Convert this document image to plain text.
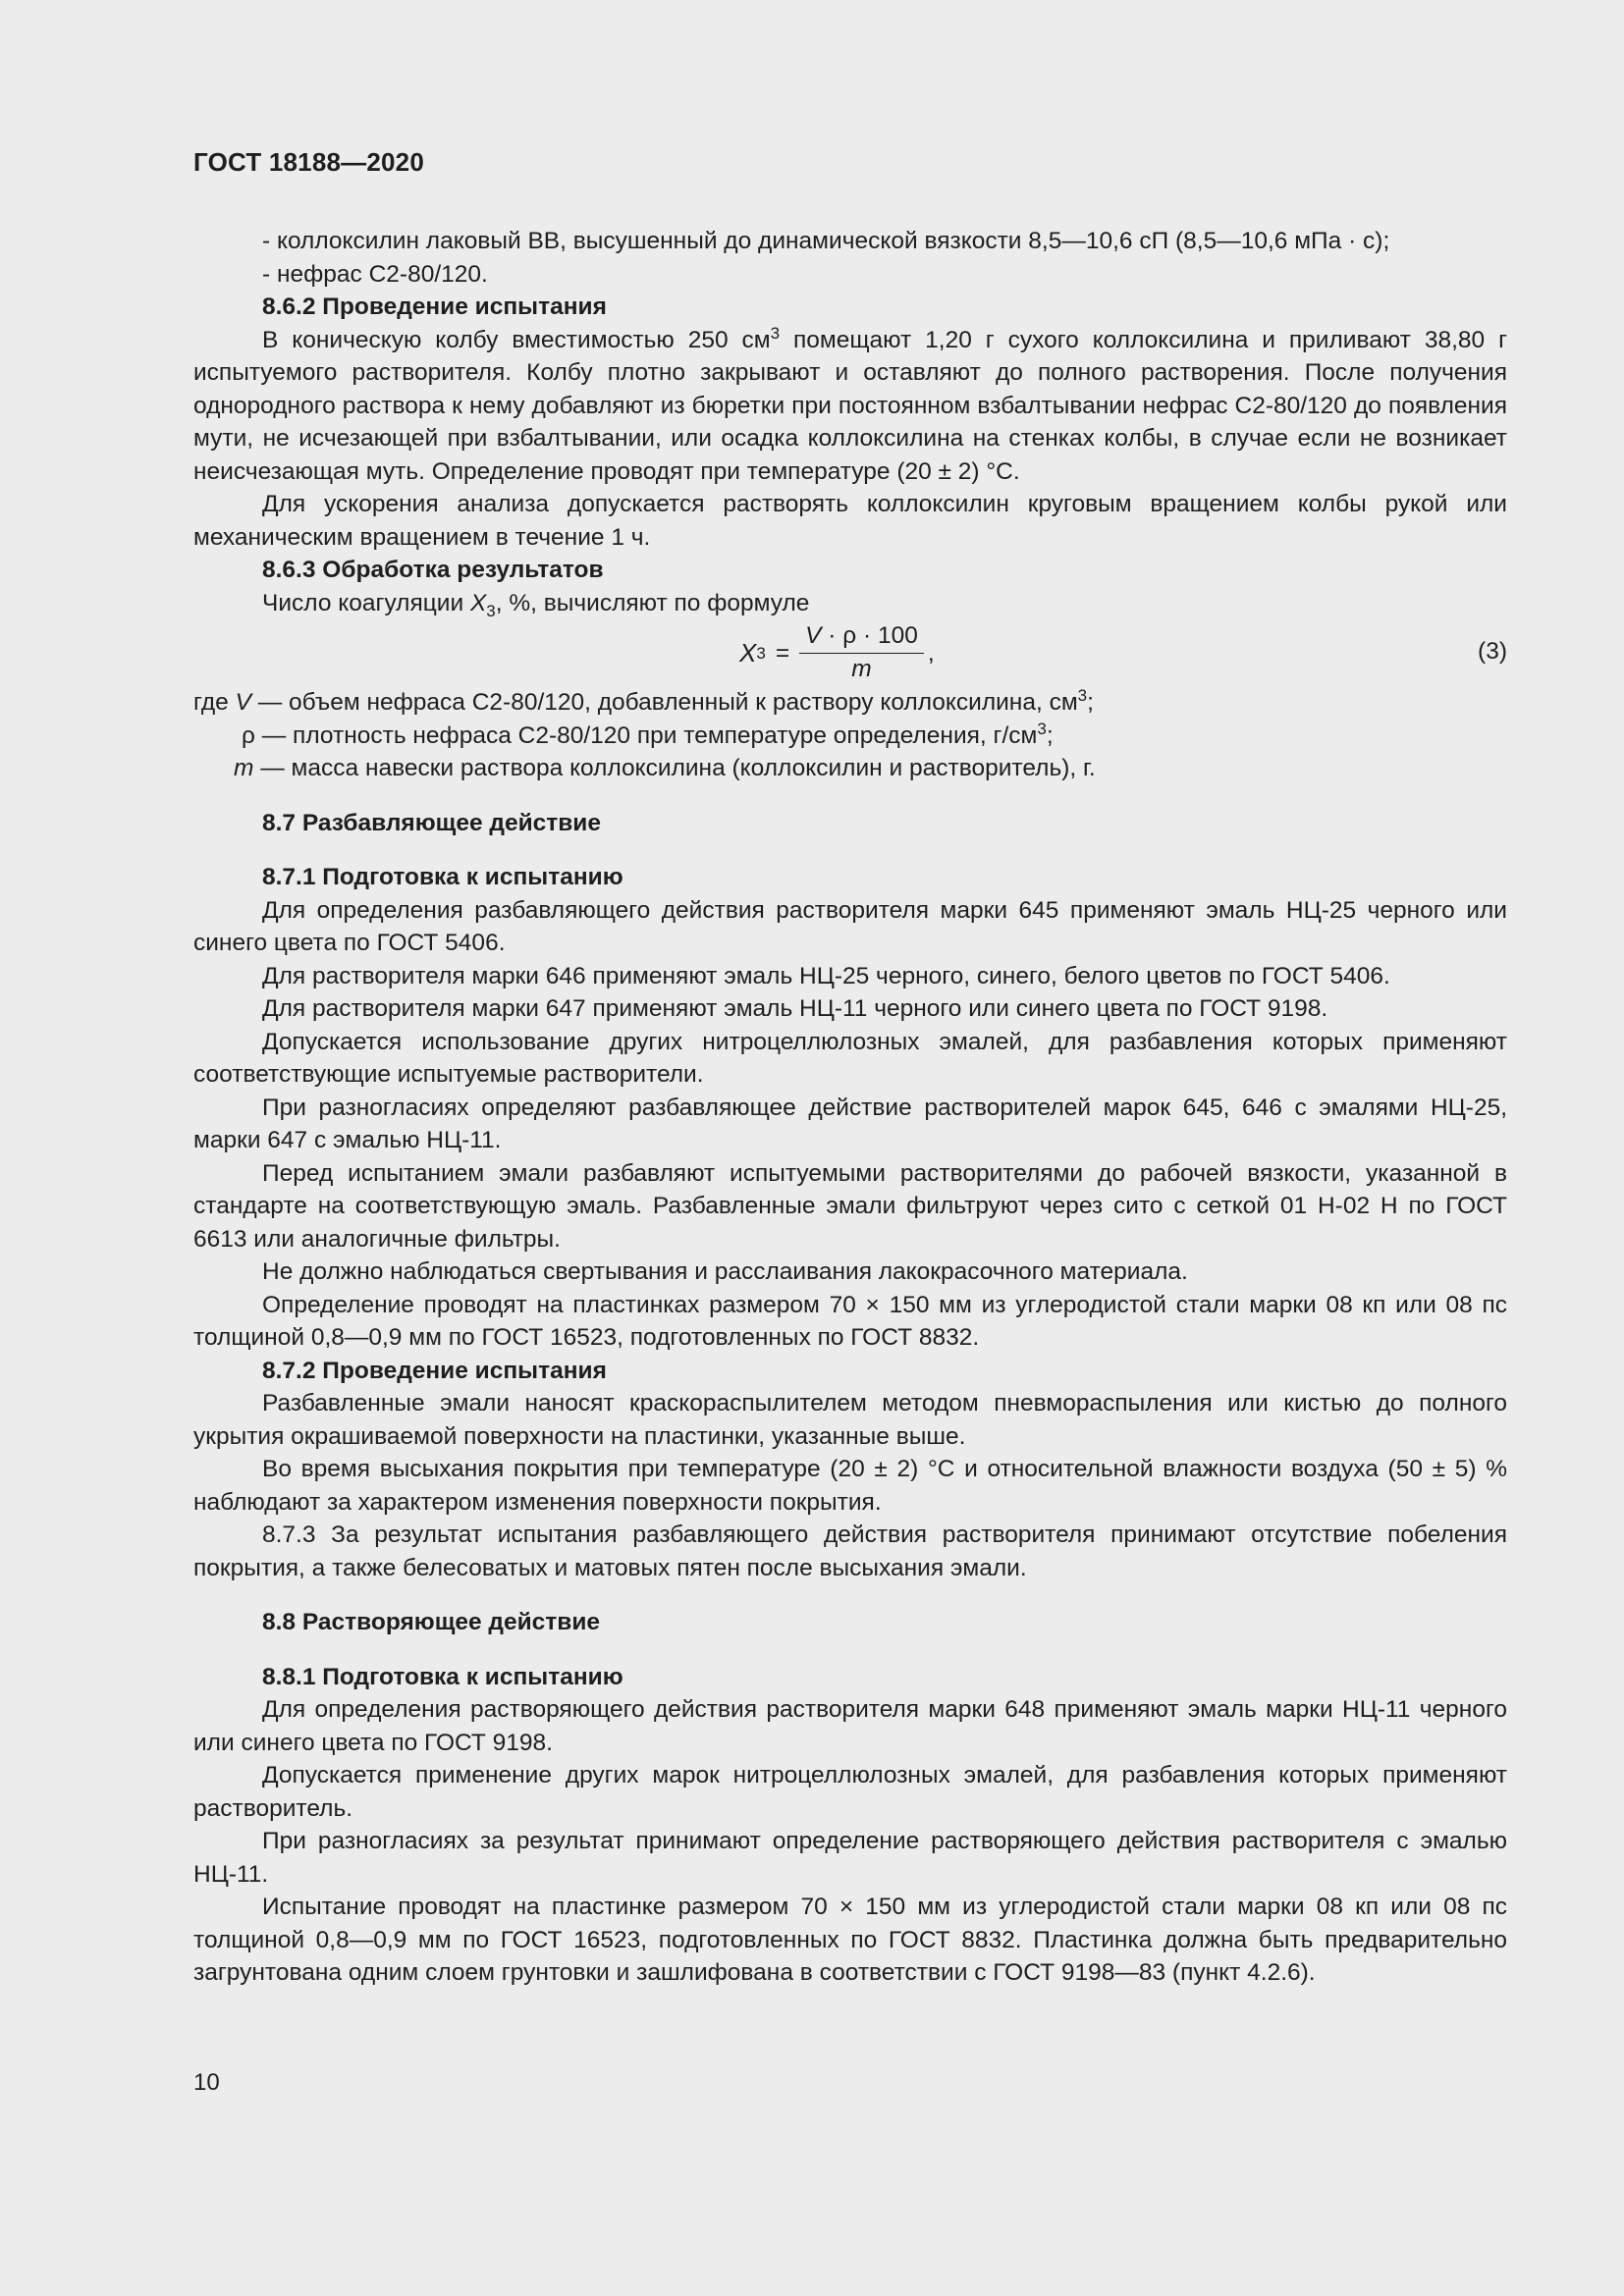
ГОСТ 18188—2020

- коллоксилин лаковый ВВ, высушенный до динамической вязкости 8,5—10,6 сП (8,5—10,6 мПа · с);

- нефрас С2-80/120.

8.6.2 Проведение испытания

В коническую колбу вместимостью 250 $см^3$ помещают 1,20 г сухого коллоксилина и приливают 38,80 г испытуемого растворителя. Колбу плотно закрывают и оставляют до полного растворения. После получения однородного раствора к нему добавляют из бюретки при постоянном взбалтывании нефрас С2-80/120 до появления мути, не исчезающей при взбалтывании, или осадка коллоксилина на стенках колбы, в случае если не возникает неисчезающая муть. Определение проводят при температуре (20 ± 2) °С.

Для ускорения анализа допускается растворять коллоксилин круговым вращением колбы рукой или механическим вращением в течение 1 ч.

8.6.3 Обработка результатов

Число коагуляции $X_3$, %, вычисляют по формуле

X $3 = \frac{V \cdot \rho \cdot 100}{m}$ ,	(3)

где V — объем нефраса С2-80/120, добавленный к раствору коллоксилина, $см^3$;

ρ — плотность нефраса С2-80/120 при температуре определения, $г/см^3$;

m — масса навески раствора коллоксилина (коллоксилин и растворитель), г.

8.7 Разбавляющее действие

8.7.1 Подготовка к испытанию

Для определения разбавляющего действия растворителя марки 645 применяют эмаль НЦ-25 черного или синего цвета по ГОСТ 5406.

Для растворителя марки 646 применяют эмаль НЦ-25 черного, синего, белого цветов по ГОСТ 5406.

Для растворителя марки 647 применяют эмаль НЦ-11 черного или синего цвета по ГОСТ 9198.

Допускается использование других нитроцеллюлозных эмалей, для разбавления которых применяют соответствующие испытуемые растворители.

При разногласиях определяют разбавляющее действие растворителей марок 645, 646 с эмалями НЦ-25, марки 647 с эмалью НЦ-11.

Перед испытанием эмали разбавляют испытуемыми растворителями до рабочей вязкости, указанной в стандарте на соответствующую эмаль. Разбавленные эмали фильтруют через сито с сеткой 01 Н-02 Н по ГОСТ 6613 или аналогичные фильтры.

Не должно наблюдаться свертывания и расслаивания лакокрасочного материала.

Определение проводят на пластинках размером 70 × 150 мм из углеродистой стали марки 08 кп или 08 пс толщиной 0,8—0,9 мм по ГОСТ 16523, подготовленных по ГОСТ 8832.

8.7.2 Проведение испытания

Разбавленные эмали наносят краскораспылителем методом пневмораспыления или кистью до полного укрытия окрашиваемой поверхности на пластинки, указанные выше.

Во время высыхания покрытия при температуре (20 ± 2) °С и относительной влажности воздуха (50 ± 5) % наблюдают за характером изменения поверхности покрытия.

8.7.3 За результат испытания разбавляющего действия растворителя принимают отсутствие побеления покрытия, а также белесоватых и матовых пятен после высыхания эмали.

8.8 Растворяющее действие

8.8.1 Подготовка к испытанию

Для определения растворяющего действия растворителя марки 648 применяют эмаль марки НЦ-11 черного или синего цвета по ГОСТ 9198.

Допускается применение других марок нитроцеллюлозных эмалей, для разбавления которых применяют растворитель.

При разногласиях за результат принимают определение растворяющего действия растворителя с эмалью НЦ-11.

Испытание проводят на пластинке размером 70 × 150 мм из углеродистой стали марки 08 кп или 08 пс толщиной 0,8—0,9 мм по ГОСТ 16523, подготовленных по ГОСТ 8832. Пластинка должна быть предварительно загрунтована одним слоем грунтовки и зашлифована в соответствии с ГОСТ 9198—83 (пункт 4.2.6).

10
